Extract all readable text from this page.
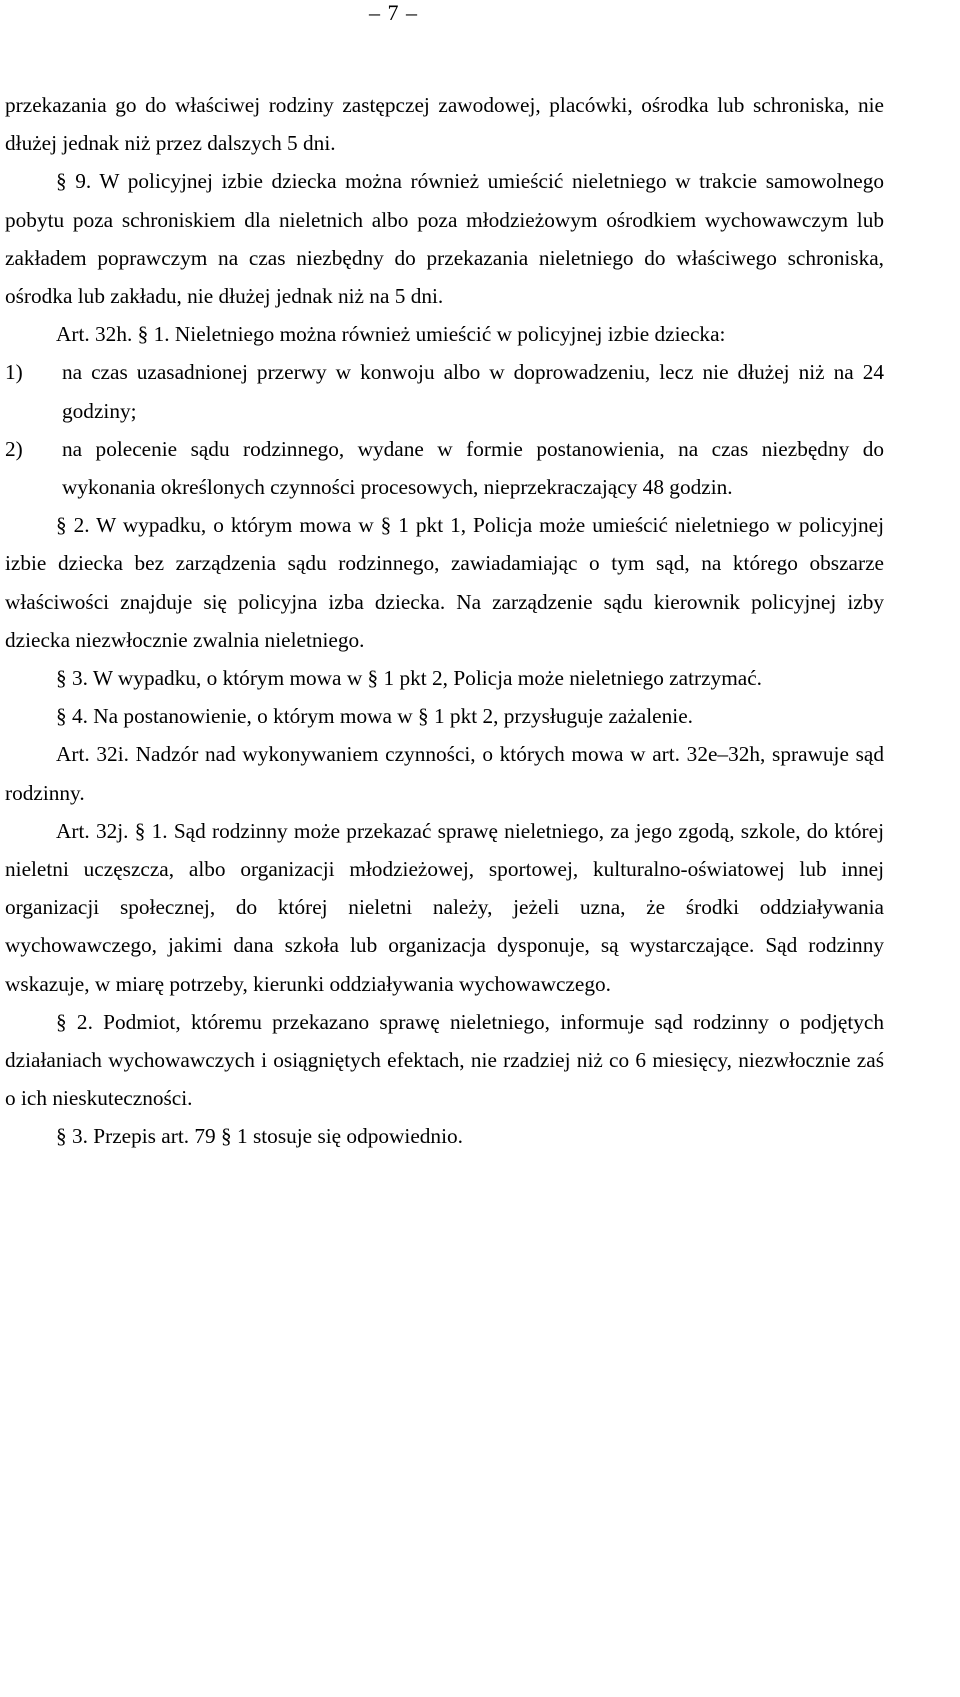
– 7 –

przekazania go do właściwej rodziny zastępczej zawodowej, placówki, ośrodka lub schroniska, nie dłużej jednak niż przez dalszych 5 dni.

§ 9. W policyjnej izbie dziecka można również umieścić nieletniego w trakcie samowolnego pobytu poza schroniskiem dla nieletnich albo poza młodzieżowym ośrodkiem wychowawczym lub zakładem poprawczym na czas niezbędny do przekazania nieletniego do właściwego schroniska, ośrodka lub zakładu, nie dłużej jednak niż na 5 dni.

Art. 32h. § 1. Nieletniego można również umieścić w policyjnej izbie dziecka:

1) na czas uzasadnionej przerwy w konwoju albo w doprowadzeniu, lecz nie dłużej niż na 24 godziny;
2) na polecenie sądu rodzinnego, wydane w formie postanowienia, na czas niezbędny do wykonania określonych czynności procesowych, nieprzekraczający 48 godzin.

§ 2. W wypadku, o którym mowa w § 1 pkt 1, Policja może umieścić nieletniego w policyjnej izbie dziecka bez zarządzenia sądu rodzinnego, zawiadamiając o tym sąd, na którego obszarze właściwości znajduje się policyjna izba dziecka. Na zarządzenie sądu kierownik policyjnej izby dziecka niezwłocznie zwalnia nieletniego.

§ 3. W wypadku, o którym mowa w § 1 pkt 2, Policja może nieletniego zatrzymać.

§ 4. Na postanowienie, o którym mowa w § 1 pkt 2, przysługuje zażalenie.

Art. 32i. Nadzór nad wykonywaniem czynności, o których mowa w art. 32e–32h, sprawuje sąd rodzinny.

Art. 32j. § 1. Sąd rodzinny może przekazać sprawę nieletniego, za jego zgodą, szkole, do której nieletni uczęszcza, albo organizacji młodzieżowej, sportowej, kulturalno-oświatowej lub innej organizacji społecznej, do której nieletni należy, jeżeli uzna, że środki oddziaływania wychowawczego, jakimi dana szkoła lub organizacja dysponuje, są wystarczające. Sąd rodzinny wskazuje, w miarę potrzeby, kierunki oddziaływania wychowawczego.

§ 2. Podmiot, któremu przekazano sprawę nieletniego, informuje sąd rodzinny o podjętych działaniach wychowawczych i osiągniętych efektach, nie rzadziej niż co 6 miesięcy, niezwłocznie zaś o ich nieskuteczności.

§ 3. Przepis art. 79 § 1 stosuje się odpowiednio.
